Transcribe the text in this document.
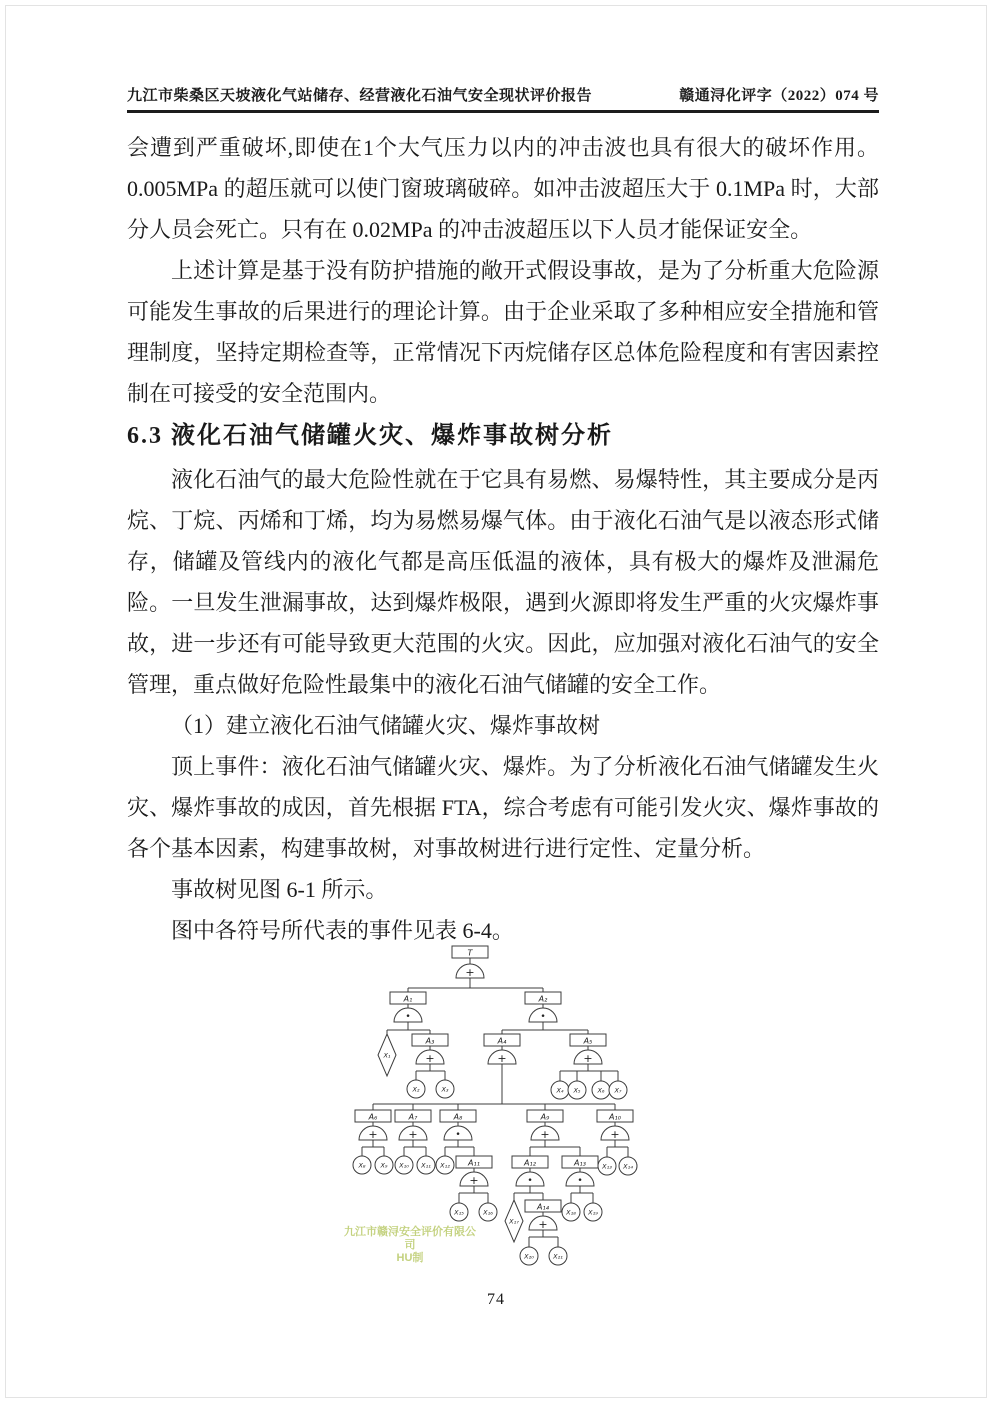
九江市柴桑区天坡液化气站储存、经营液化石油气安全现状评价报告	赣通浔化评字（2022）074 号

会遭到严重破坏,即使在1个大气压力以内的冲击波也具有很大的破坏作用。0.005MPa 的超压就可以使门窗玻璃破碎。如冲击波超压大于 0.1MPa 时，大部分人员会死亡。只有在 0.02MPa 的冲击波超压以下人员才能保证安全。

上述计算是基于没有防护措施的敞开式假设事故，是为了分析重大危险源可能发生事故的后果进行的理论计算。由于企业采取了多种相应安全措施和管理制度，坚持定期检查等，正常情况下丙烷储存区总体危险程度和有害因素控制在可接受的安全范围内。

6.3 液化石油气储罐火灾、爆炸事故树分析

液化石油气的最大危险性就在于它具有易燃、易爆特性，其主要成分是丙烷、丁烷、丙烯和丁烯，均为易燃易爆气体。由于液化石油气是以液态形式储存，储罐及管线内的液化气都是高压低温的液体，具有极大的爆炸及泄漏危险。一旦发生泄漏事故，达到爆炸极限，遇到火源即将发生严重的火灾爆炸事故，进一步还有可能导致更大范围的火灾。因此，应加强对液化石油气的安全管理，重点做好危险性最集中的液化石油气储罐的安全工作。

（1）建立液化石油气储罐火灾、爆炸事故树

顶上事件：液化石油气储罐火灾、爆炸。为了分析液化石油气储罐发生火灾、爆炸事故的成因，首先根据 FTA，综合考虑有可能引发火灾、爆炸事故的各个基本因素，构建事故树，对事故树进行进行定性、定量分析。

事故树见图 6-1 所示。

图中各符号所代表的事件见表 6-4。

T
A₁	A₂
A₃	A₄	A₅
A₆	A₇	A₈	A₉	A₁₀
A₁₁	A₁₂	A₁₃
A₁₄
+
•	•
+	+	+
+	+	•	+	+
+	•	•
+
X₁
X₁₇
X₂	X₃	X₄ X₅	X₆ X₇
X₈ X₉ X₁₀ X₁₁ X₁₂	X₁₃ X₁₄
X₁₅	X₁₆	X₁₈ X₁₉
X₂₀	X₂₁
九江市赣浔安全评价有限公司
HU制
74
